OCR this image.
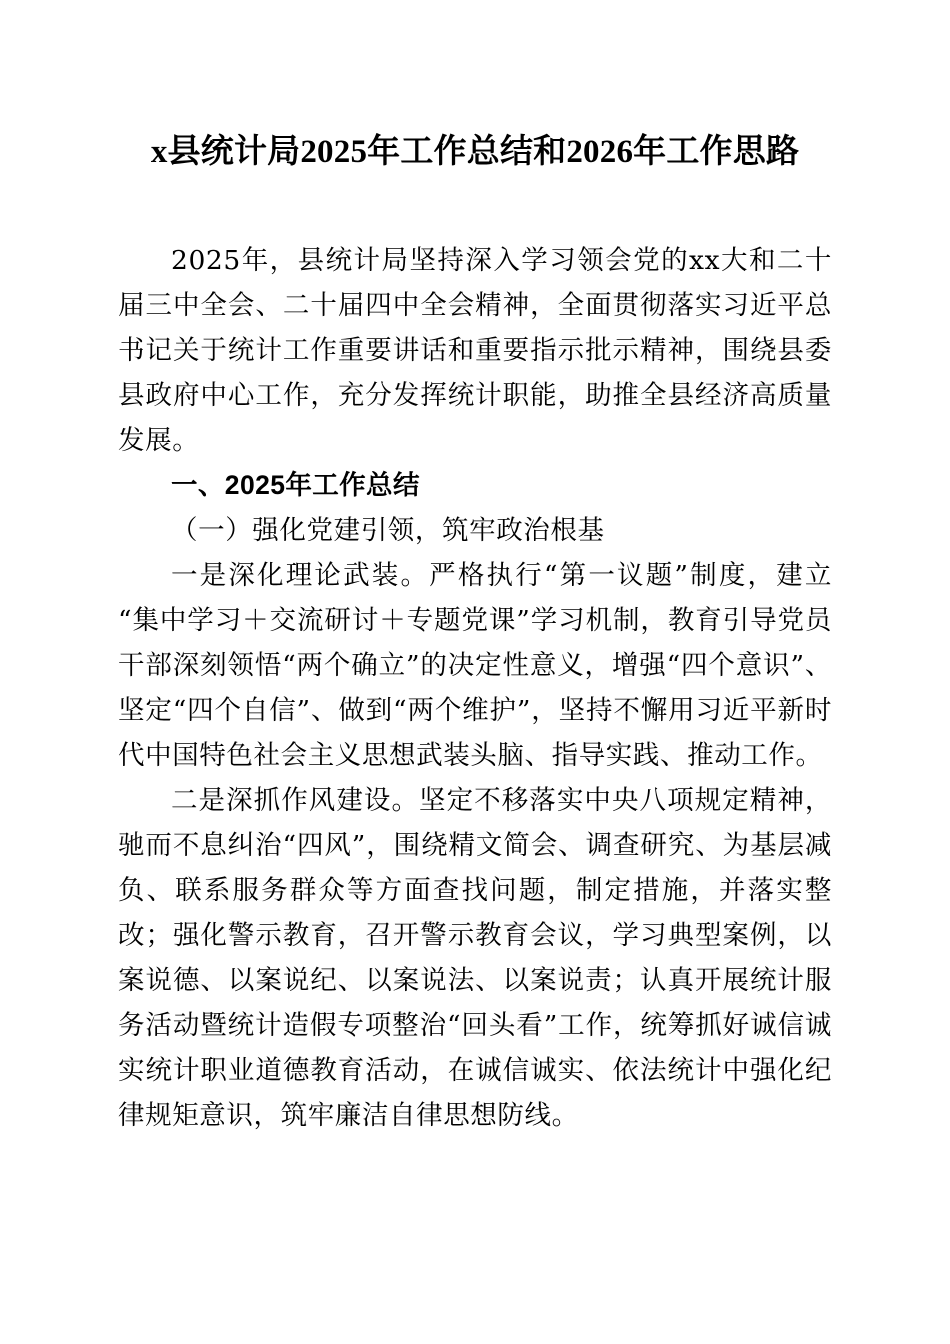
x县统计局2025年工作总结和2026年工作思路

2025年，县统计局坚持深入学习领会党的xx大和二十届三中全会、二十届四中全会精神，全面贯彻落实习近平总书记关于统计工作重要讲话和重要指示批示精神，围绕县委县政府中心工作，充分发挥统计职能，助推全县经济高质量发展。

一、2025年工作总结
（一）强化党建引领，筑牢政治根基

一是深化理论武装。严格执行“第一议题”制度，建立“集中学习＋交流研讨＋专题党课”学习机制，教育引导党员干部深刻领悟“两个确立”的决定性意义，增强“四个意识”、坚定“四个自信”、做到“两个维护”，坚持不懈用习近平新时代中国特色社会主义思想武装头脑、指导实践、推动工作。

二是深抓作风建设。坚定不移落实中央八项规定精神，驰而不息纠治“四风”，围绕精文简会、调查研究、为基层减负、联系服务群众等方面查找问题，制定措施，并落实整改；强化警示教育，召开警示教育会议，学习典型案例，以案说德、以案说纪、以案说法、以案说责；认真开展统计服务活动暨统计造假专项整治“回头看”工作，统筹抓好诚信诚实统计职业道德教育活动，在诚信诚实、依法统计中强化纪律规矩意识，筑牢廉洁自律思想防线。
